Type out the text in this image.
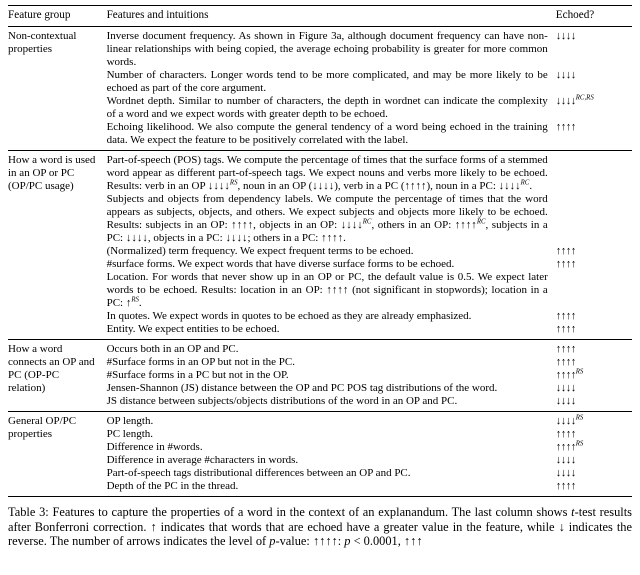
Feature group	Features and intuitions	Echoed?
Non-contextual properties	Inverse document frequency. As shown in Figure 3a, although document frequency can have non-linear relationships with being copied, the average echoing probability is greater for more common words.	↓↓↓↓
	Number of characters. Longer words tend to be more complicated, and may be more likely to be echoed as part of the core argument.	↓↓↓↓
	Wordnet depth. Similar to number of characters, the depth in wordnet can indicate the complexity of a word and we expect words with greater depth to be echoed.	↓↓↓↓$^{RC,RS}$
	Echoing likelihood. We also compute the general tendency of a word being echoed in the training data. We expect the feature to be positively correlated with the label.	↑↑↑↑
How a word is used in an OP or PC (OP/PC usage)	Part-of-speech (POS) tags. We compute the percentage of times that the surface forms of a stemmed word appear as different part-of-speech tags. We expect nouns and verbs more likely to be echoed. Results: verb in an OP ↓↓↓↓$^{RS}$, noun in an OP (↓↓↓↓), verb in a PC (↑↑↑↑), noun in a PC: ↓↓↓↓$^{RC}$.	
	Subjects and objects from dependency labels. We compute the percentage of times that the word appears as subjects, objects, and others. We expect subjects and objects more likely to be echoed. Results: subjects in an OP: ↑↑↑↑, objects in an OP: ↓↓↓↓$^{RC}$, others in an OP: ↑↑↑↑$^{RC}$, subjects in a PC: ↓↓↓↓, objects in a PC: ↓↓↓↓; others in a PC: ↑↑↑↑.	
	(Normalized) term frequency. We expect frequent terms to be echoed.	↑↑↑↑
	#surface forms. We expect words that have diverse surface forms to be echoed.	↑↑↑↑
	Location. For words that never show up in an OP or PC, the default value is 0.5. We expect later words to be echoed. Results: location in an OP: ↑↑↑↑ (not significant in stopwords); location in a PC: ↑$^{RS}$.	
	In quotes. We expect words in quotes to be echoed as they are already emphasized.	↑↑↑↑
	Entity. We expect entities to be echoed.	↑↑↑↑
How a word connects an OP and PC (OP-PC relation)	Occurs both in an OP and PC.	↑↑↑↑
	#Surface forms in an OP but not in the PC.	↑↑↑↑
	#Surface forms in a PC but not in the OP.	↑↑↑↑$^{RS}$
	Jensen-Shannon (JS) distance between the OP and PC POS tag distributions of the word.	↓↓↓↓
	JS distance between subjects/objects distributions of the word in an OP and PC.	↓↓↓↓
General OP/PC properties	OP length.	↓↓↓↓$^{RS}$
	PC length.	↑↑↑↑
	Difference in #words.	↑↑↑↑$^{RS}$
	Difference in average #characters in words.	↓↓↓↓
	Part-of-speech tags distributional differences between an OP and PC.	↓↓↓↓
	Depth of the PC in the thread.	↑↑↑↑
Table 3: Features to capture the properties of a word in the context of an explanandum. The last column shows t-test results after Bonferroni correction. ↑ indicates that words that are echoed have a greater value in the feature, while ↓ indicates the reverse. The number of arrows indicates the level of p-value: ↑↑↑↑: p < 0.0001, ↑↑↑
